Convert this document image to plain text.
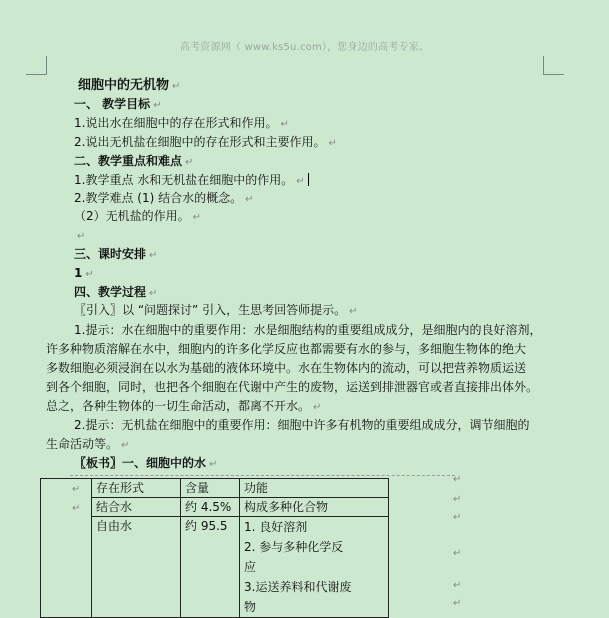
高考资源网（ www.ks5u.com），您身边的高考专家。
细胞中的无机物 ↵
一、 教学目标 ↵
1.说出水在细胞中的存在形式和作用。 ↵
2.说出无机盐在细胞中的存在形式和主要作用。 ↵
二、教学重点和难点 ↵
1.教学重点 水和无机盐在细胞中的作用。 ↵
2.教学难点 (1) 结合水的概念。 ↵
（2）无机盐的作用。 ↵
↵
三、课时安排 ↵
1 ↵
四、教学过程 ↵
〖引入〗以 “问题探讨” 引入，生思考回答师提示。 ↵
1.提示：水在细胞中的重要作用：水是细胞结构的重要组成成分，是细胞内的良好溶剂，
许多种物质溶解在水中，细胞内的许多化学反应也都需要有水的参与，多细胞生物体的绝大
多数细胞必须浸润在以水为基础的液体环境中。水在生物体内的流动，可以把营养物质运送
到各个细胞，同时，也把各个细胞在代谢中产生的废物，运送到排泄器官或者直接排出体外。
总之，各种生物体的一切生命活动，都离不开水。 ↵
2.提示：无机盐在细胞中的重要作用：细胞中许多有机物的重要组成成分，调节细胞的
生命活动等。 ↵
〖板书〗一、细胞中的水 ↵
	存在形式	含量	功能
	结合水	约 4.5%	构成多种化合物
	自由水	约 95.5	1. 良好溶剂
2. 参与多种化学反
应
3.运送养料和代谢废
物
↵
↵
↵
↵
↵
↵
↵
↵
